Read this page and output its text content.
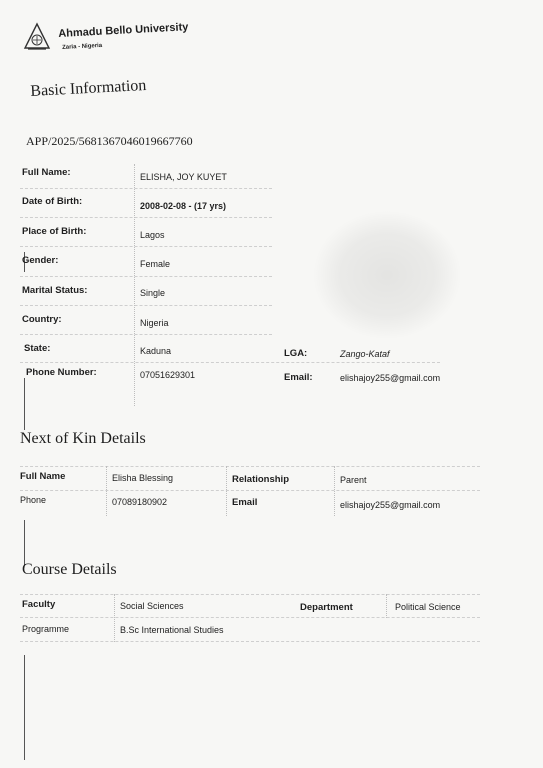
Ahmadu Bello University
Zaria - Nigeria
Basic Information
APP/2025/568136704601966776​0
Full Name:	ELISHA, JOY KUYET
Date of Birth:	2008-02-08 - (17 yrs)
Place of Birth:	Lagos
Gender:	Female
Marital Status:	Single
Country:	Nigeria
State:	Kaduna	LGA:	Zango-Kataf
Phone Number:	07051629301	Email:	elishajoy255@gmail.com
Next of Kin Details
Full Name	Elisha Blessing	Relationship	Parent
Phone	07089180902	Email	elishajoy255@gmail.com
Course Details
Faculty	Social Sciences	Department	Political Science
Programme	B.Sc International Studies
